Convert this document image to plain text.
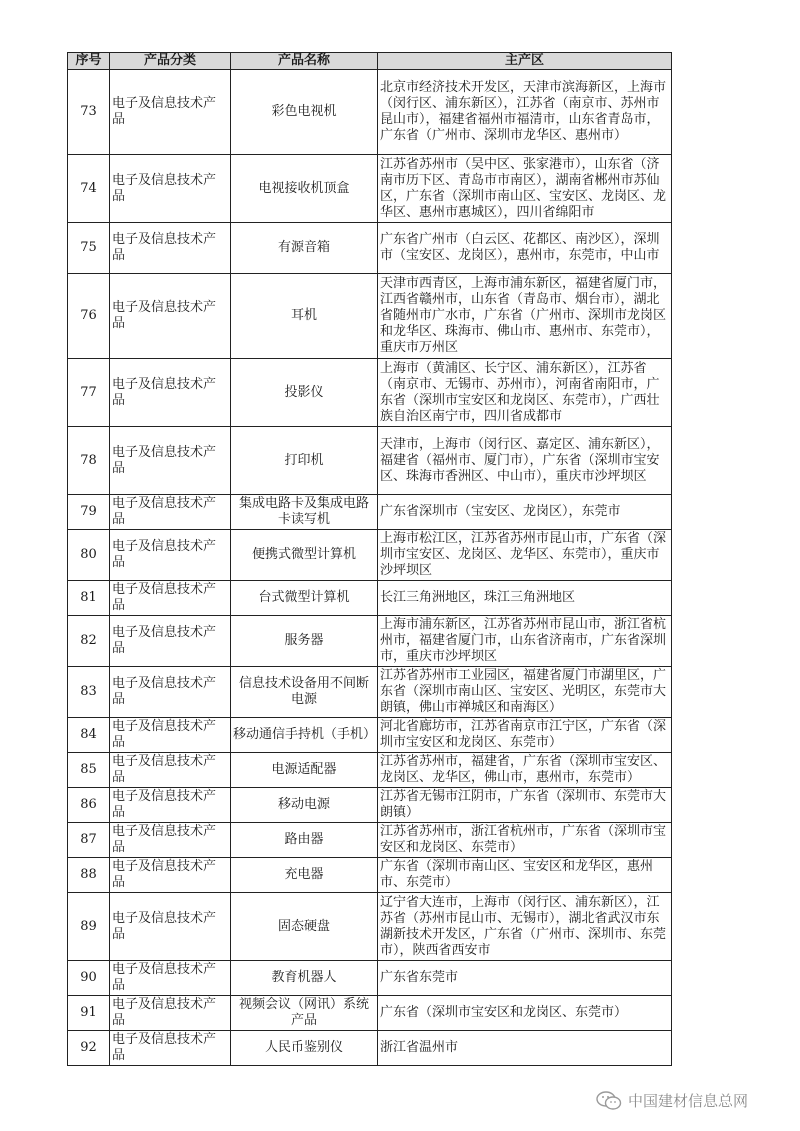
序号	产品分类	产品名称	主产区
73	电子及信息技术产品	彩色电视机	北京市经济技术开发区，天津市滨海新区，上海市（闵行区、浦东新区），江苏省（南京市、苏州市昆山市），福建省福州市福清市，山东省青岛市，广东省（广州市、深圳市龙华区、惠州市）
74	电子及信息技术产品	电视接收机顶盒	江苏省苏州市（吴中区、张家港市），山东省（济南市历下区、青岛市市南区），湖南省郴州市苏仙区，广东省（深圳市南山区、宝安区、龙岗区、龙华区、惠州市惠城区），四川省绵阳市
75	电子及信息技术产品	有源音箱	广东省广州市（白云区、花都区、南沙区），深圳市（宝安区、龙岗区），惠州市，东莞市，中山市
76	电子及信息技术产品	耳机	天津市西青区，上海市浦东新区，福建省厦门市，江西省赣州市，山东省（青岛市、烟台市），湖北省随州市广水市，广东省（广州市、深圳市龙岗区和龙华区、珠海市、佛山市、惠州市、东莞市），重庆市万州区
77	电子及信息技术产品	投影仪	上海市（黄浦区、长宁区、浦东新区），江苏省（南京市、无锡市、苏州市），河南省南阳市，广东省（深圳市宝安区和龙岗区、东莞市），广西壮族自治区南宁市，四川省成都市
78	电子及信息技术产品	打印机	天津市，上海市（闵行区、嘉定区、浦东新区），福建省（福州市、厦门市），广东省（深圳市宝安区、珠海市香洲区、中山市），重庆市沙坪坝区
79	电子及信息技术产品	集成电路卡及集成电路卡读写机	广东省深圳市（宝安区、龙岗区），东莞市
80	电子及信息技术产品	便携式微型计算机	上海市松江区，江苏省苏州市昆山市，广东省（深圳市宝安区、龙岗区、龙华区、东莞市），重庆市沙坪坝区
81	电子及信息技术产品	台式微型计算机	长江三角洲地区，珠江三角洲地区
82	电子及信息技术产品	服务器	上海市浦东新区，江苏省苏州市昆山市，浙江省杭州市，福建省厦门市，山东省济南市，广东省深圳市，重庆市沙坪坝区
83	电子及信息技术产品	信息技术设备用不间断电源	江苏省苏州市工业园区，福建省厦门市湖里区，广东省（深圳市南山区、宝安区、光明区，东莞市大朗镇，佛山市禅城区和南海区）
84	电子及信息技术产品	移动通信手持机（手机）	河北省廊坊市，江苏省南京市江宁区，广东省（深圳市宝安区和龙岗区、东莞市）
85	电子及信息技术产品	电源适配器	江苏省苏州市，福建省，广东省（深圳市宝安区、龙岗区、龙华区，佛山市，惠州市，东莞市）
86	电子及信息技术产品	移动电源	江苏省无锡市江阴市，广东省（深圳市、东莞市大朗镇）
87	电子及信息技术产品	路由器	江苏省苏州市，浙江省杭州市，广东省（深圳市宝安区和龙岗区、东莞市）
88	电子及信息技术产品	充电器	广东省（深圳市南山区、宝安区和龙华区，惠州市、东莞市）
89	电子及信息技术产品	固态硬盘	辽宁省大连市，上海市（闵行区、浦东新区），江苏省（苏州市昆山市、无锡市），湖北省武汉市东湖新技术开发区，广东省（广州市、深圳市、东莞市），陕西省西安市
90	电子及信息技术产品	教育机器人	广东省东莞市
91	电子及信息技术产品	视频会议（网讯）系统产品	广东省（深圳市宝安区和龙岗区、东莞市）
92	电子及信息技术产品	人民币鉴别仪	浙江省温州市
中国建材信息总网
